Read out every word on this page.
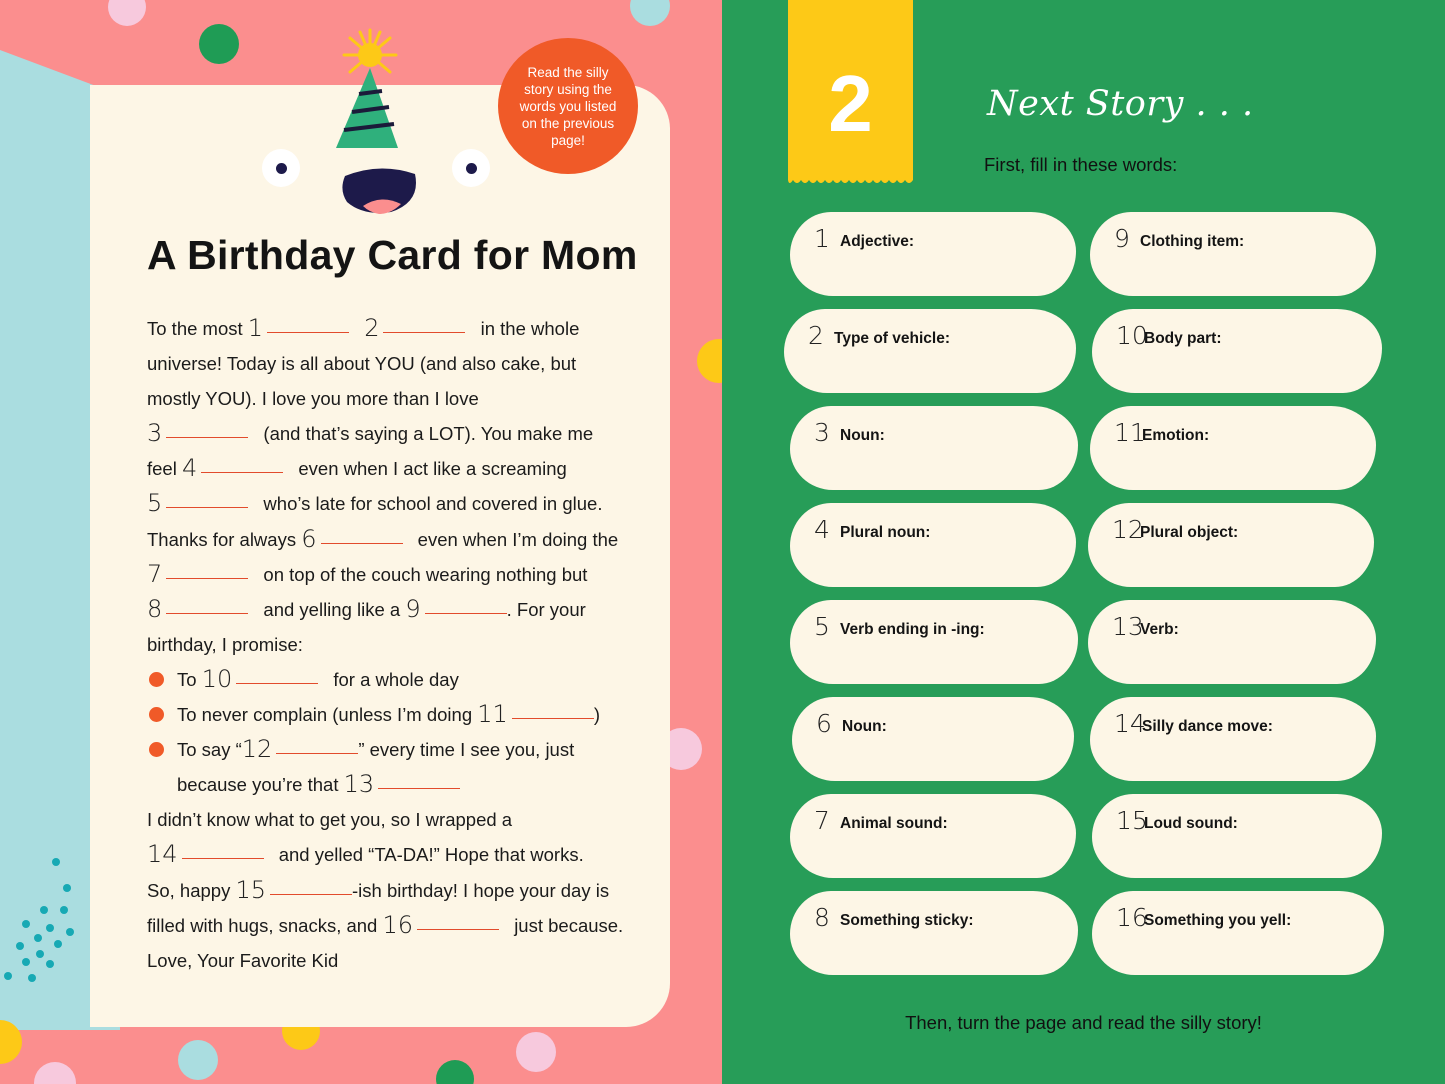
Read the silly story using the words you listed on the previous page!
A Birthday Card for Mom
To the most 1	2	in the whole
universe! Today is all about YOU (and also cake, but
mostly YOU). I love you more than I love
3	(and that’s saying a LOT). You make me
feel 4	even when I act like a screaming
5	who’s late for school and covered in glue.
Thanks for always 6	even when I’m doing the
7	on top of the couch wearing nothing but
8	and yelling like a 9	. For your
birthday, I promise:
To 10	for a whole day
To never complain (unless I’m doing 11	)
To say “12	” every time I see you, just
because you’re that 13
I didn’t know what to get you, so I wrapped a
14	and yelled “TA-DA!” Hope that works.
So, happy 15	-ish birthday! I hope your day is
filled with hugs, snacks, and 16	just because.
Love, Your Favorite Kid
2	Next Story . . .
First, fill in these words:
1 Adjective:
2 Type of vehicle:
3 Noun:
4 Plural noun:
5 Verb ending in -ing:
6 Noun:
7 Animal sound:
8 Something sticky:
9 Clothing item:
10
Body part:
11
Emotion:
12
Plural object:
13
Verb:
14
Silly dance move:
15
Loud sound:
16
Something you yell:
Then, turn the page and read the silly story!
